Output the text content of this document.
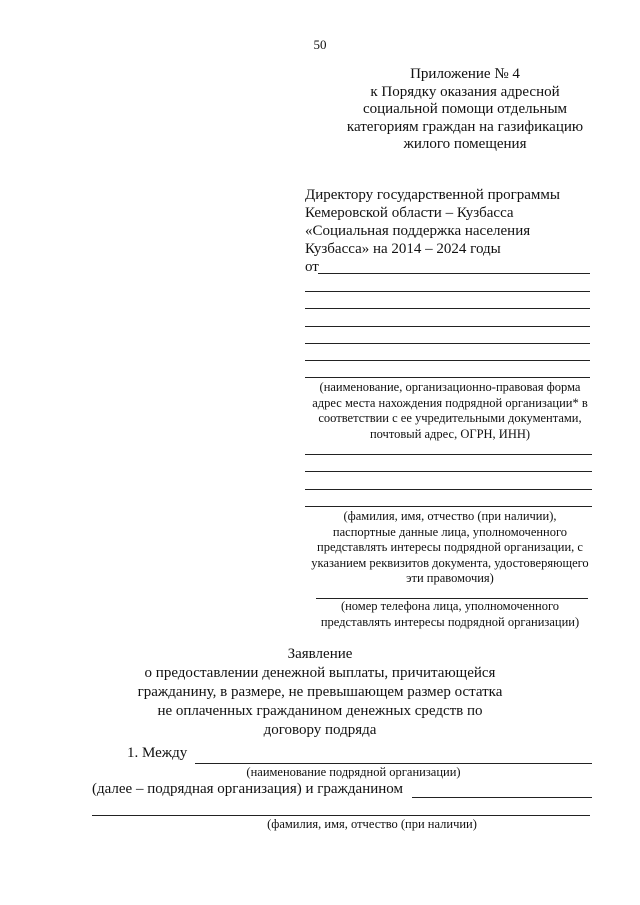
50
Приложение № 4
к Порядку оказания адресной
социальной помощи отдельным
категориям граждан на газификацию
жилого помещения
Директору государственной программы
Кемеровской области – Кузбасса
«Социальная поддержка населения
Кузбасса» на 2014 – 2024 годы
от
(наименование, организационно-правовая форма
адрес места нахождения подрядной организации* в
соответствии с ее учредительными документами,
почтовый адрес, ОГРН, ИНН)
(фамилия, имя, отчество (при наличии),
паспортные данные лица, уполномоченного
представлять интересы подрядной организации, с
указанием реквизитов документа, удостоверяющего
эти правомочия)
(номер телефона лица, уполномоченного
представлять интересы подрядной организации)
Заявление
о предоставлении денежной выплаты, причитающейся
гражданину, в размере, не превышающем размер остатка
не оплаченных гражданином денежных средств по
договору подряда
1. Между
(наименование подрядной организации)
(далее – подрядная организация) и гражданином
(фамилия, имя, отчество (при наличии)
